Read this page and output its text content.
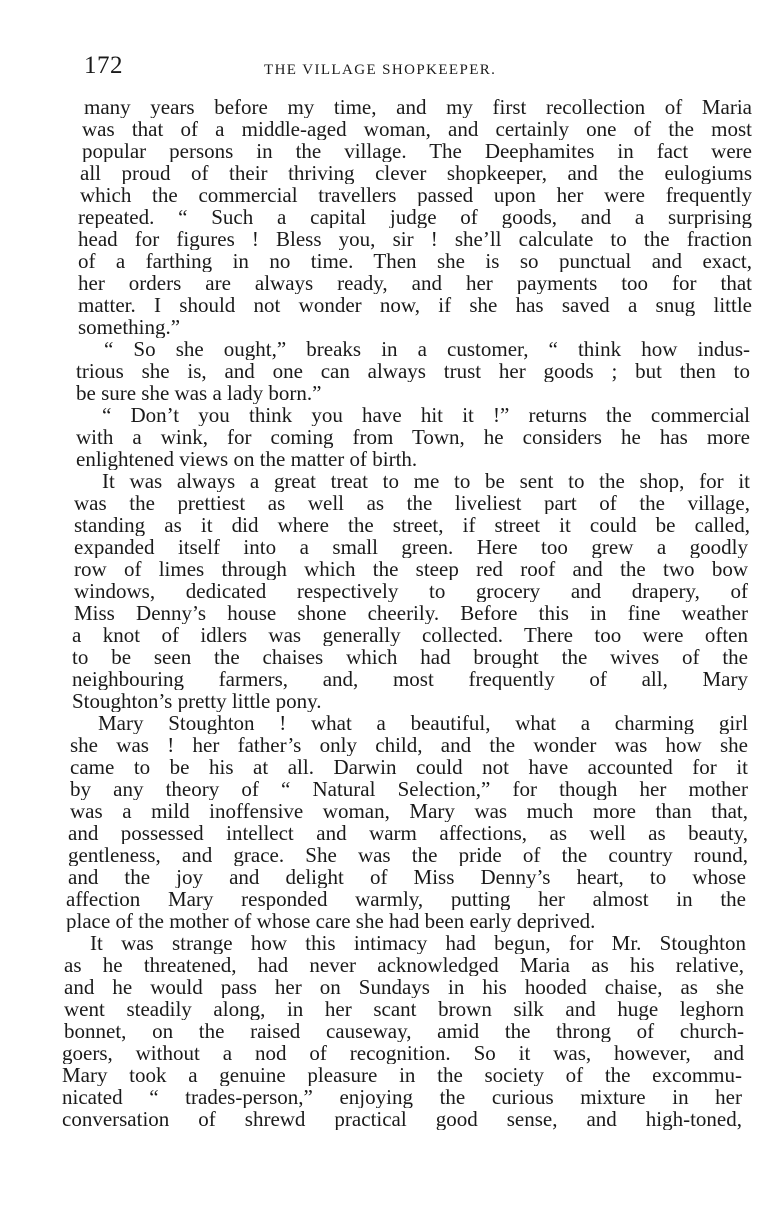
172	THE VILLAGE SHOPKEEPER.
many years before my time, and my first recollection of Maria
was that of a middle-aged woman, and certainly one of the most
popular persons in the village. The Deephamites in fact were
all proud of their thriving clever shopkeeper, and the eulogiums
which the commercial travellers passed upon her were frequently
repeated. “ Such a capital judge of goods, and a surprising
head for figures ! Bless you, sir ! she’ll calculate to the fraction
of a farthing in no time. Then she is so punctual and exact,
her orders are always ready, and her payments too for that
matter. I should not wonder now, if she has saved a snug little
something.”
“ So she ought,” breaks in a customer, “ think how indus-
trious she is, and one can always trust her goods ; but then to
be sure she was a lady born.”
“ Don’t you think you have hit it !” returns the commercial
with a wink, for coming from Town, he considers he has more
enlightened views on the matter of birth.
It was always a great treat to me to be sent to the shop, for it
was the prettiest as well as the liveliest part of the village,
standing as it did where the street, if street it could be called,
expanded itself into a small green. Here too grew a goodly
row of limes through which the steep red roof and the two bow
windows, dedicated respectively to grocery and drapery, of
Miss Denny’s house shone cheerily. Before this in fine weather
a knot of idlers was generally collected. There too were often
to be seen the chaises which had brought the wives of the
neighbouring farmers, and, most frequently of all, Mary
Stoughton’s pretty little pony.
Mary Stoughton ! what a beautiful, what a charming girl
she was ! her father’s only child, and the wonder was how she
came to be his at all. Darwin could not have accounted for it
by any theory of “ Natural Selection,” for though her mother
was a mild inoffensive woman, Mary was much more than that,
and possessed intellect and warm affections, as well as beauty,
gentleness, and grace. She was the pride of the country round,
and the joy and delight of Miss Denny’s heart, to whose
affection Mary responded warmly, putting her almost in the
place of the mother of whose care she had been early deprived.
It was strange how this intimacy had begun, for Mr. Stoughton
as he threatened, had never acknowledged Maria as his relative,
and he would pass her on Sundays in his hooded chaise, as she
went steadily along, in her scant brown silk and huge leghorn
bonnet, on the raised causeway, amid the throng of church-
goers, without a nod of recognition. So it was, however, and
Mary took a genuine pleasure in the society of the excommu-
nicated “ trades-person,” enjoying the curious mixture in her
conversation of shrewd practical good sense, and high-toned,
